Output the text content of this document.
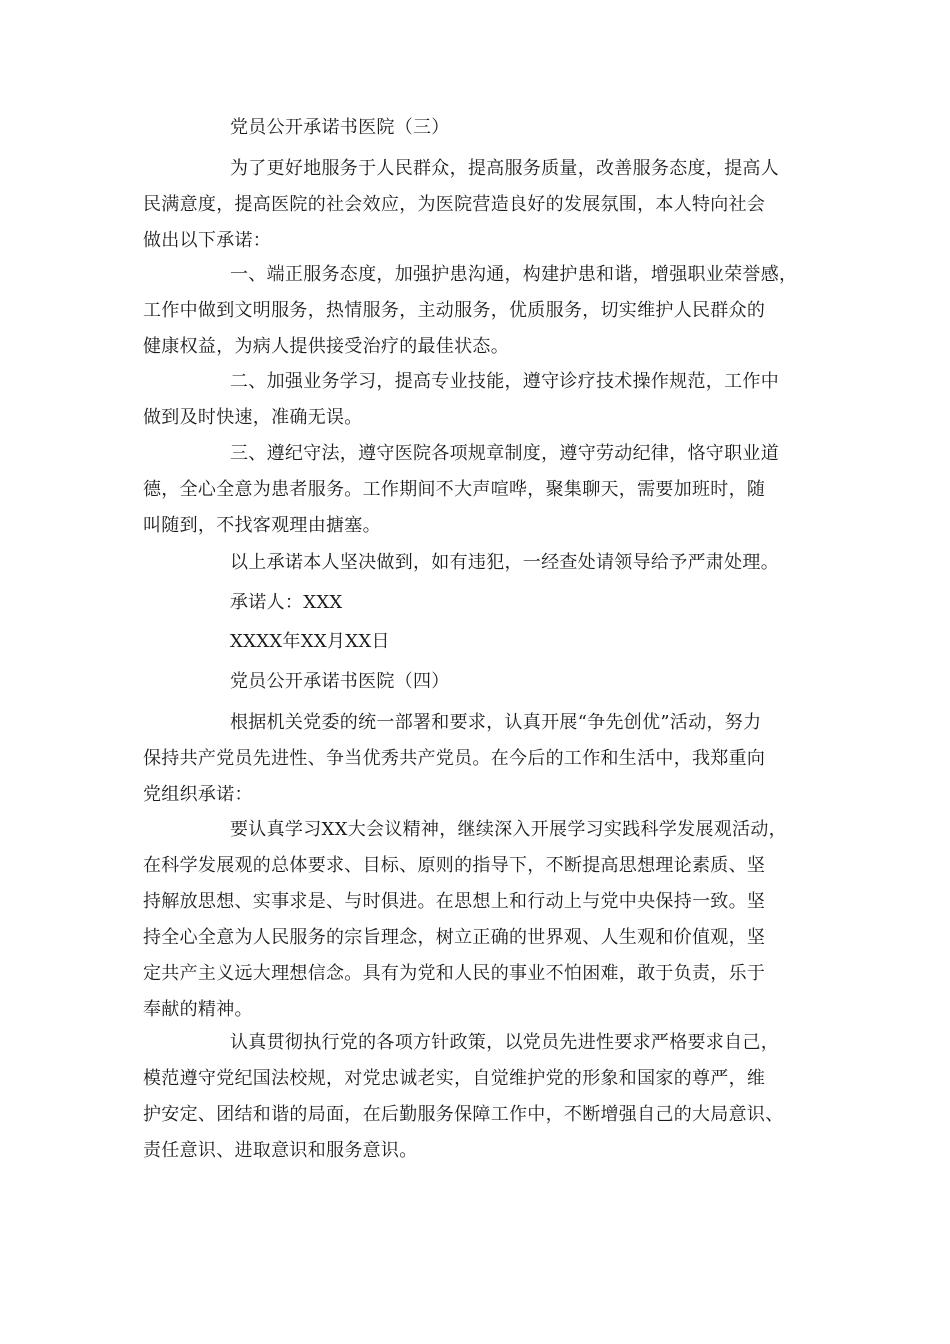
党员公开承诺书医院（三）
为了更好地服务于人民群众，提高服务质量，改善服务态度，提高人
民满意度，提高医院的社会效应，为医院营造良好的发展氛围，本人特向社会
做出以下承诺：
一、端正服务态度，加强护患沟通，构建护患和谐，增强职业荣誉感，
工作中做到文明服务，热情服务，主动服务，优质服务，切实维护人民群众的
健康权益，为病人提供接受治疗的最佳状态。
二、加强业务学习，提高专业技能，遵守诊疗技术操作规范，工作中
做到及时快速，准确无误。
三、遵纪守法，遵守医院各项规章制度，遵守劳动纪律，恪守职业道
德，全心全意为患者服务。工作期间不大声喧哗，聚集聊天，需要加班时，随
叫随到，不找客观理由搪塞。
以上承诺本人坚决做到，如有违犯，一经查处请领导给予严肃处理。
承诺人：XXX
XXXX年XX月XX日
党员公开承诺书医院（四）
根据机关党委的统一部署和要求，认真开展“争先创优”活动，努力
保持共产党员先进性、争当优秀共产党员。在今后的工作和生活中，我郑重向
党组织承诺：
要认真学习XX大会议精神，继续深入开展学习实践科学发展观活动，
在科学发展观的总体要求、目标、原则的指导下，不断提高思想理论素质、坚
持解放思想、实事求是、与时俱进。在思想上和行动上与党中央保持一致。坚
持全心全意为人民服务的宗旨理念，树立正确的世界观、人生观和价值观，坚
定共产主义远大理想信念。具有为党和人民的事业不怕困难，敢于负责，乐于
奉献的精神。
认真贯彻执行党的各项方针政策，以党员先进性要求严格要求自己，
模范遵守党纪国法校规，对党忠诚老实，自觉维护党的形象和国家的尊严，维
护安定、团结和谐的局面，在后勤服务保障工作中，不断增强自己的大局意识、
责任意识、进取意识和服务意识。
